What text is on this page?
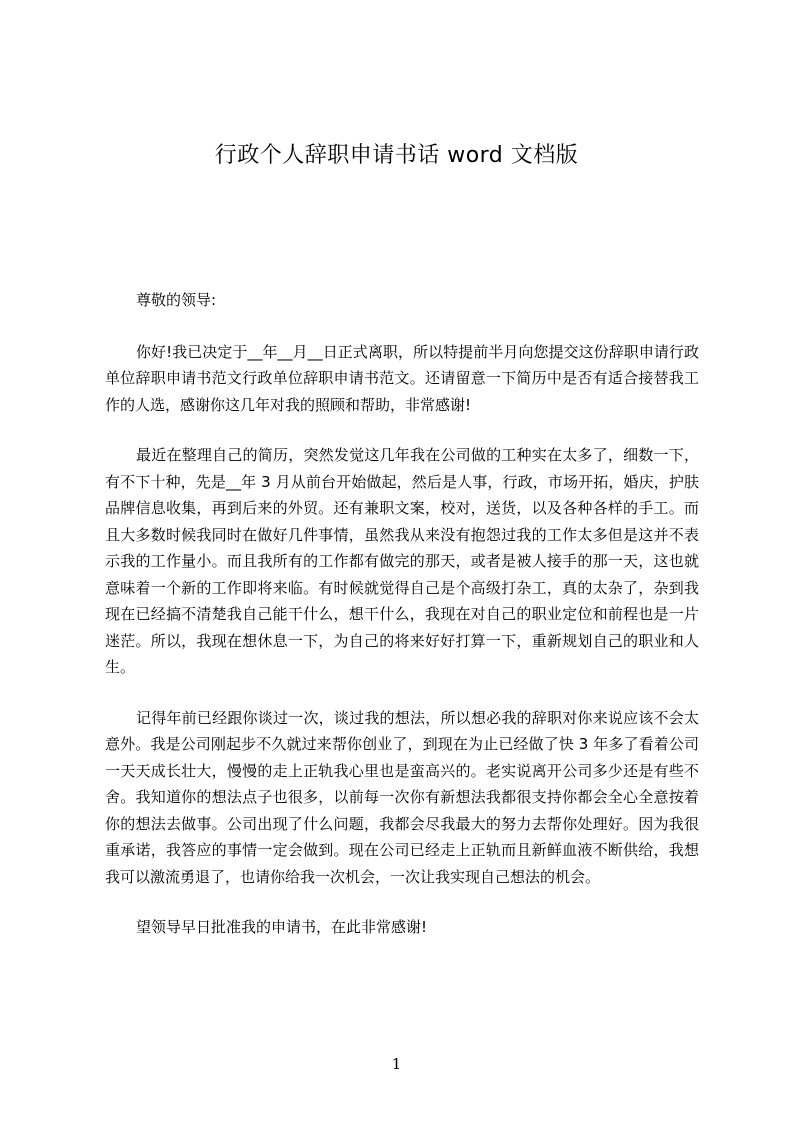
行政个人辞职申请书话 word 文档版

尊敬的领导:

你好!我已决定于__年__月__日正式离职，所以特提前半月向您提交这份辞职申请行政单位辞职申请书范文行政单位辞职申请书范文。还请留意一下简历中是否有适合接替我工作的人选，感谢你这几年对我的照顾和帮助，非常感谢!

最近在整理自己的简历，突然发觉这几年我在公司做的工种实在太多了，细数一下，有不下十种，先是__年 3 月从前台开始做起，然后是人事，行政，市场开拓，婚庆，护肤品牌信息收集，再到后来的外贸。还有兼职文案，校对，送货，以及各种各样的手工。而且大多数时候我同时在做好几件事情，虽然我从来没有抱怨过我的工作太多但是这并不表示我的工作量小。而且我所有的工作都有做完的那天，或者是被人接手的那一天，这也就意味着一个新的工作即将来临。有时候就觉得自己是个高级打杂工，真的太杂了，杂到我现在已经搞不清楚我自己能干什么，想干什么，我现在对自己的职业定位和前程也是一片迷茫。所以，我现在想休息一下，为自己的将来好好打算一下，重新规划自己的职业和人生。

记得年前已经跟你谈过一次，谈过我的想法，所以想必我的辞职对你来说应该不会太意外。我是公司刚起步不久就过来帮你创业了，到现在为止已经做了快 3 年多了看着公司一天天成长壮大，慢慢的走上正轨我心里也是蛮高兴的。老实说离开公司多少还是有些不舍。我知道你的想法点子也很多，以前每一次你有新想法我都很支持你都会全心全意按着你的想法去做事。公司出现了什么问题，我都会尽我最大的努力去帮你处理好。因为我很重承诺，我答应的事情一定会做到。现在公司已经走上正轨而且新鲜血液不断供给，我想我可以激流勇退了，也请你给我一次机会，一次让我实现自己想法的机会。

望领导早日批准我的申请书，在此非常感谢!

1
